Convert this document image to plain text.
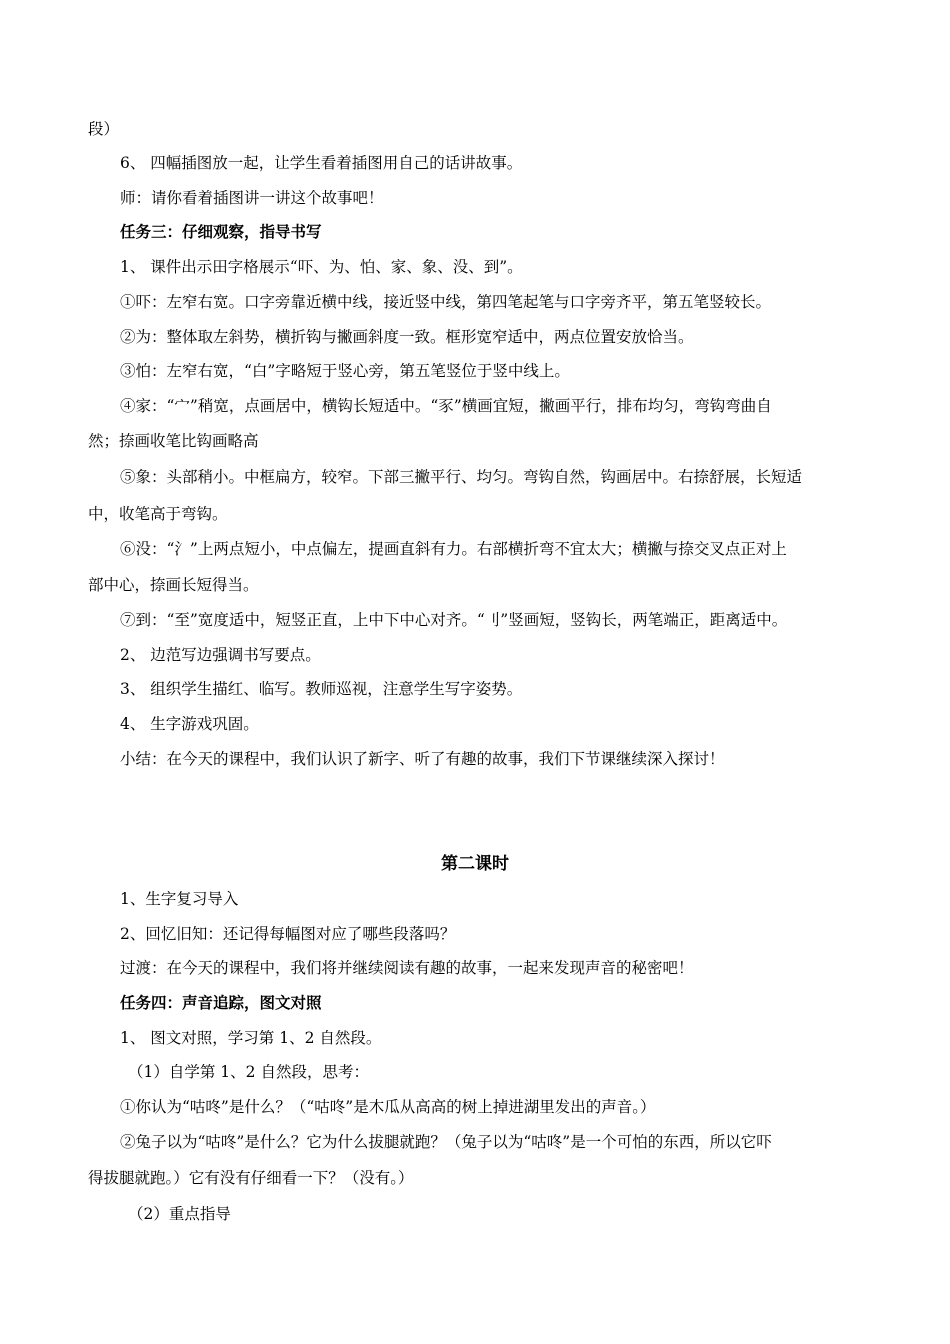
段）
6、 四幅插图放一起，让学生看着插图用自己的话讲故事。
师：请你看着插图讲一讲这个故事吧！
任务三：仔细观察，指导书写
1、 课件出示田字格展示“吓、为、怕、家、象、没、到”。
①吓：左窄右宽。口字旁靠近横中线，接近竖中线，第四笔起笔与口字旁齐平，第五笔竖较长。
②为：整体取左斜势，横折钩与撇画斜度一致。框形宽窄适中，两点位置安放恰当。
③怕：左窄右宽，“白”字略短于竖心旁，第五笔竖位于竖中线上。
④家：“宀”稍宽，点画居中，横钩长短适中。“豕”横画宜短，撇画平行，排布均匀，弯钩弯曲自
然；捺画收笔比钩画略高
⑤象：头部稍小。中框扁方，较窄。下部三撇平行、均匀。弯钩自然，钩画居中。右捺舒展，长短适
中，收笔高于弯钩。
⑥没：“氵”上两点短小，中点偏左，提画直斜有力。右部横折弯不宜太大；横撇与捺交叉点正对上
部中心，捺画长短得当。
⑦到：“至”宽度适中，短竖正直，上中下中心对齐。“刂”竖画短，竖钩长，两笔端正，距离适中。
2、 边范写边强调书写要点。
3、 组织学生描红、临写。教师巡视，注意学生写字姿势。
4、 生字游戏巩固。
小结：在今天的课程中，我们认识了新字、听了有趣的故事，我们下节课继续深入探讨！
第二课时
1、生字复习导入
2、回忆旧知：还记得每幅图对应了哪些段落吗？
过渡：在今天的课程中，我们将并继续阅读有趣的故事，一起来发现声音的秘密吧！
任务四：声音追踪，图文对照
1、 图文对照，学习第 1、2 自然段。
（1）自学第 1、2 自然段，思考：
①你认为“咕咚”是什么？（“咕咚”是木瓜从高高的树上掉进湖里发出的声音。）
②兔子以为“咕咚”是什么？它为什么拔腿就跑？（兔子以为“咕咚”是一个可怕的东西，所以它吓
得拔腿就跑。）它有没有仔细看一下？（没有。）
（2）重点指导
